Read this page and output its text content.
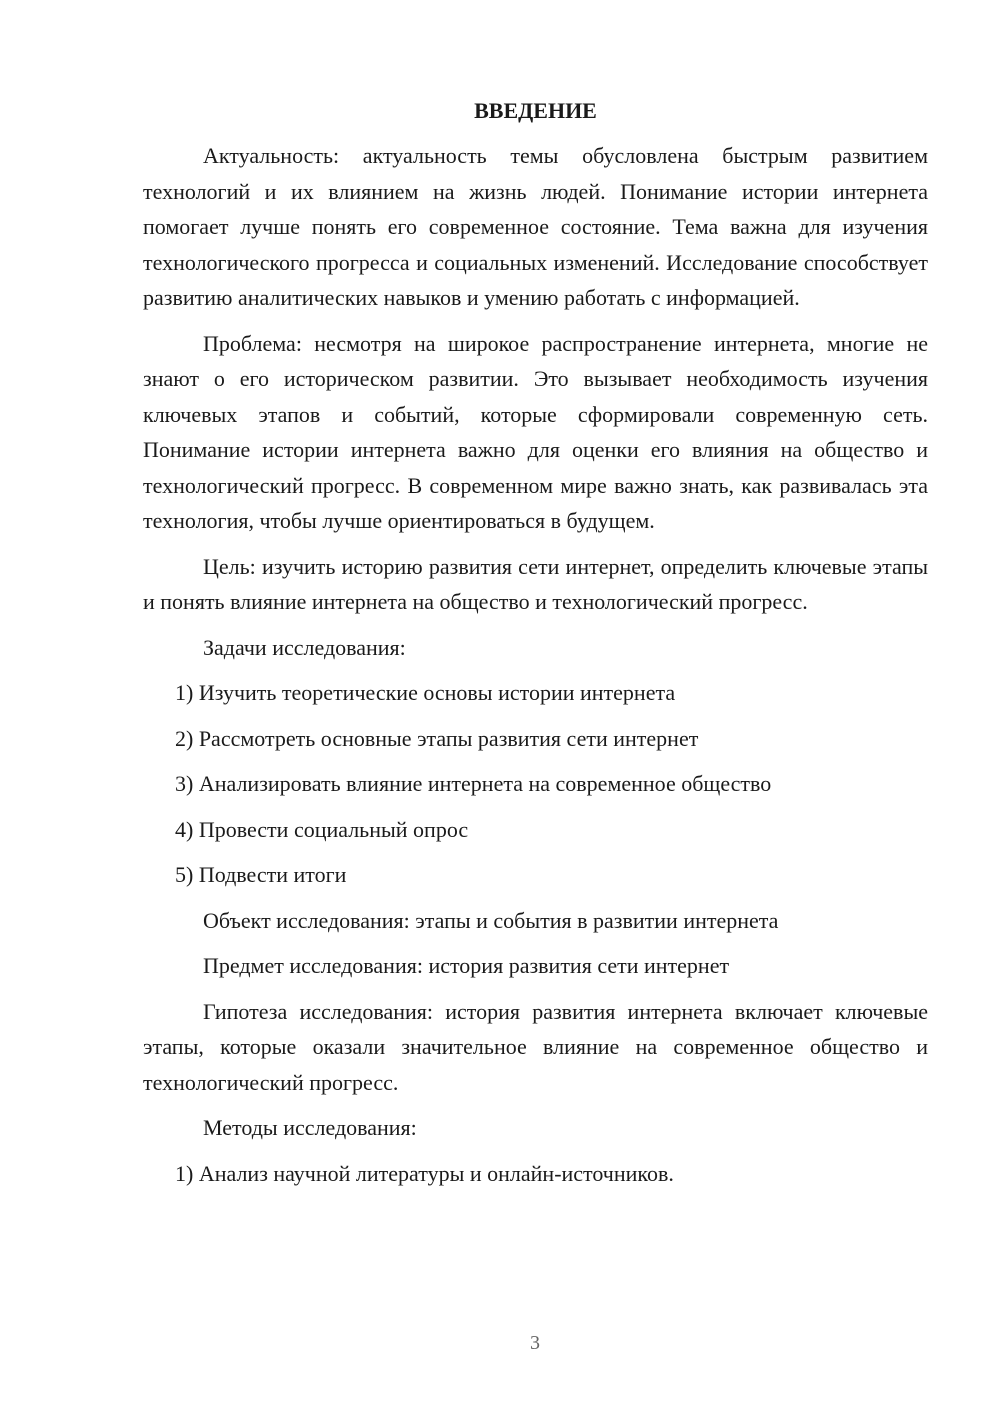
ВВЕДЕНИЕ

Актуальность: актуальность темы обусловлена быстрым развитием технологий и их влиянием на жизнь людей. Понимание истории интернета помогает лучше понять его современное состояние. Тема важна для изучения технологического прогресса и социальных изменений. Исследование способствует развитию аналитических навыков и умению работать с информацией.

Проблема: несмотря на широкое распространение интернета, многие не знают о его историческом развитии. Это вызывает необходимость изучения ключевых этапов и событий, которые сформировали современную сеть. Понимание истории интернета важно для оценки его влияния на общество и технологический прогресс. В современном мире важно знать, как развивалась эта технология, чтобы лучше ориентироваться в будущем.

Цель: изучить историю развития сети интернет, определить ключевые этапы и понять влияние интернета на общество и технологический прогресс.

Задачи исследования:

1) Изучить теоретические основы истории интернета

2) Рассмотреть основные этапы развития сети интернет

3) Анализировать влияние интернета на современное общество

4) Провести социальный опрос

5) Подвести итоги

Объект исследования: этапы и события в развитии интернета

Предмет исследования: история развития сети интернет

Гипотеза исследования: история развития интернета включает ключевые этапы, которые оказали значительное влияние на современное общество и технологический прогресс.

Методы исследования:

1) Анализ научной литературы и онлайн-источников.

3
